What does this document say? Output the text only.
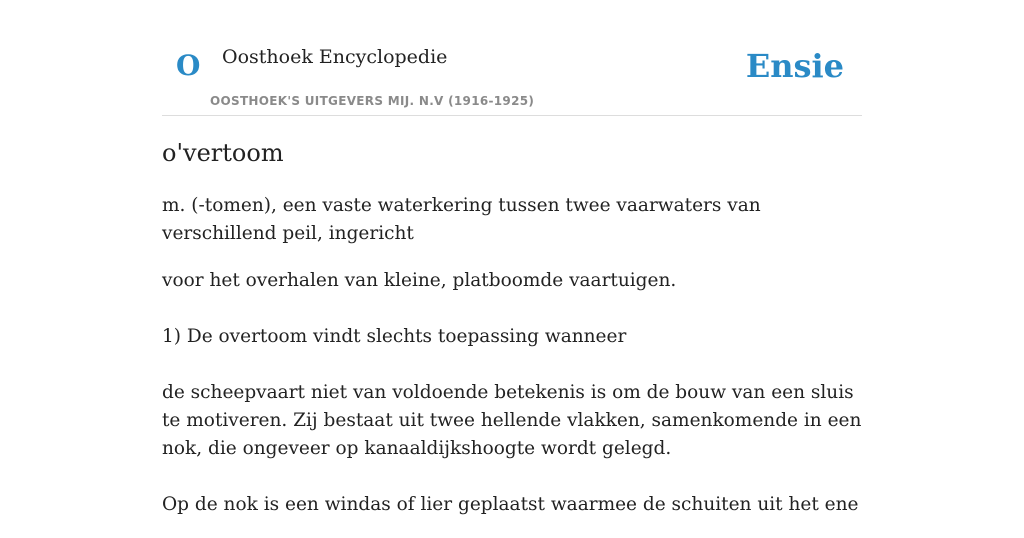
O Oosthoek Encyclopedie
OOSTHOEK'S UITGEVERS MIJ. N.V (1916-1925)
Ensie
o'vertoom

m. (-tomen), een vaste waterkering tussen twee vaarwaters van verschillend peil, ingericht

voor het overhalen van kleine, platboomde vaartuigen.

1) De overtoom vindt slechts toepassing wanneer

de scheepvaart niet van voldoende betekenis is om de bouw van een sluis te motiveren. Zij bestaat uit twee hellende vlakken, samenkomende in een nok, die ongeveer op kanaaldijkshoogte wordt gelegd.

Op de nok is een windas of lier geplaatst waarmee de schuiten uit het ene
